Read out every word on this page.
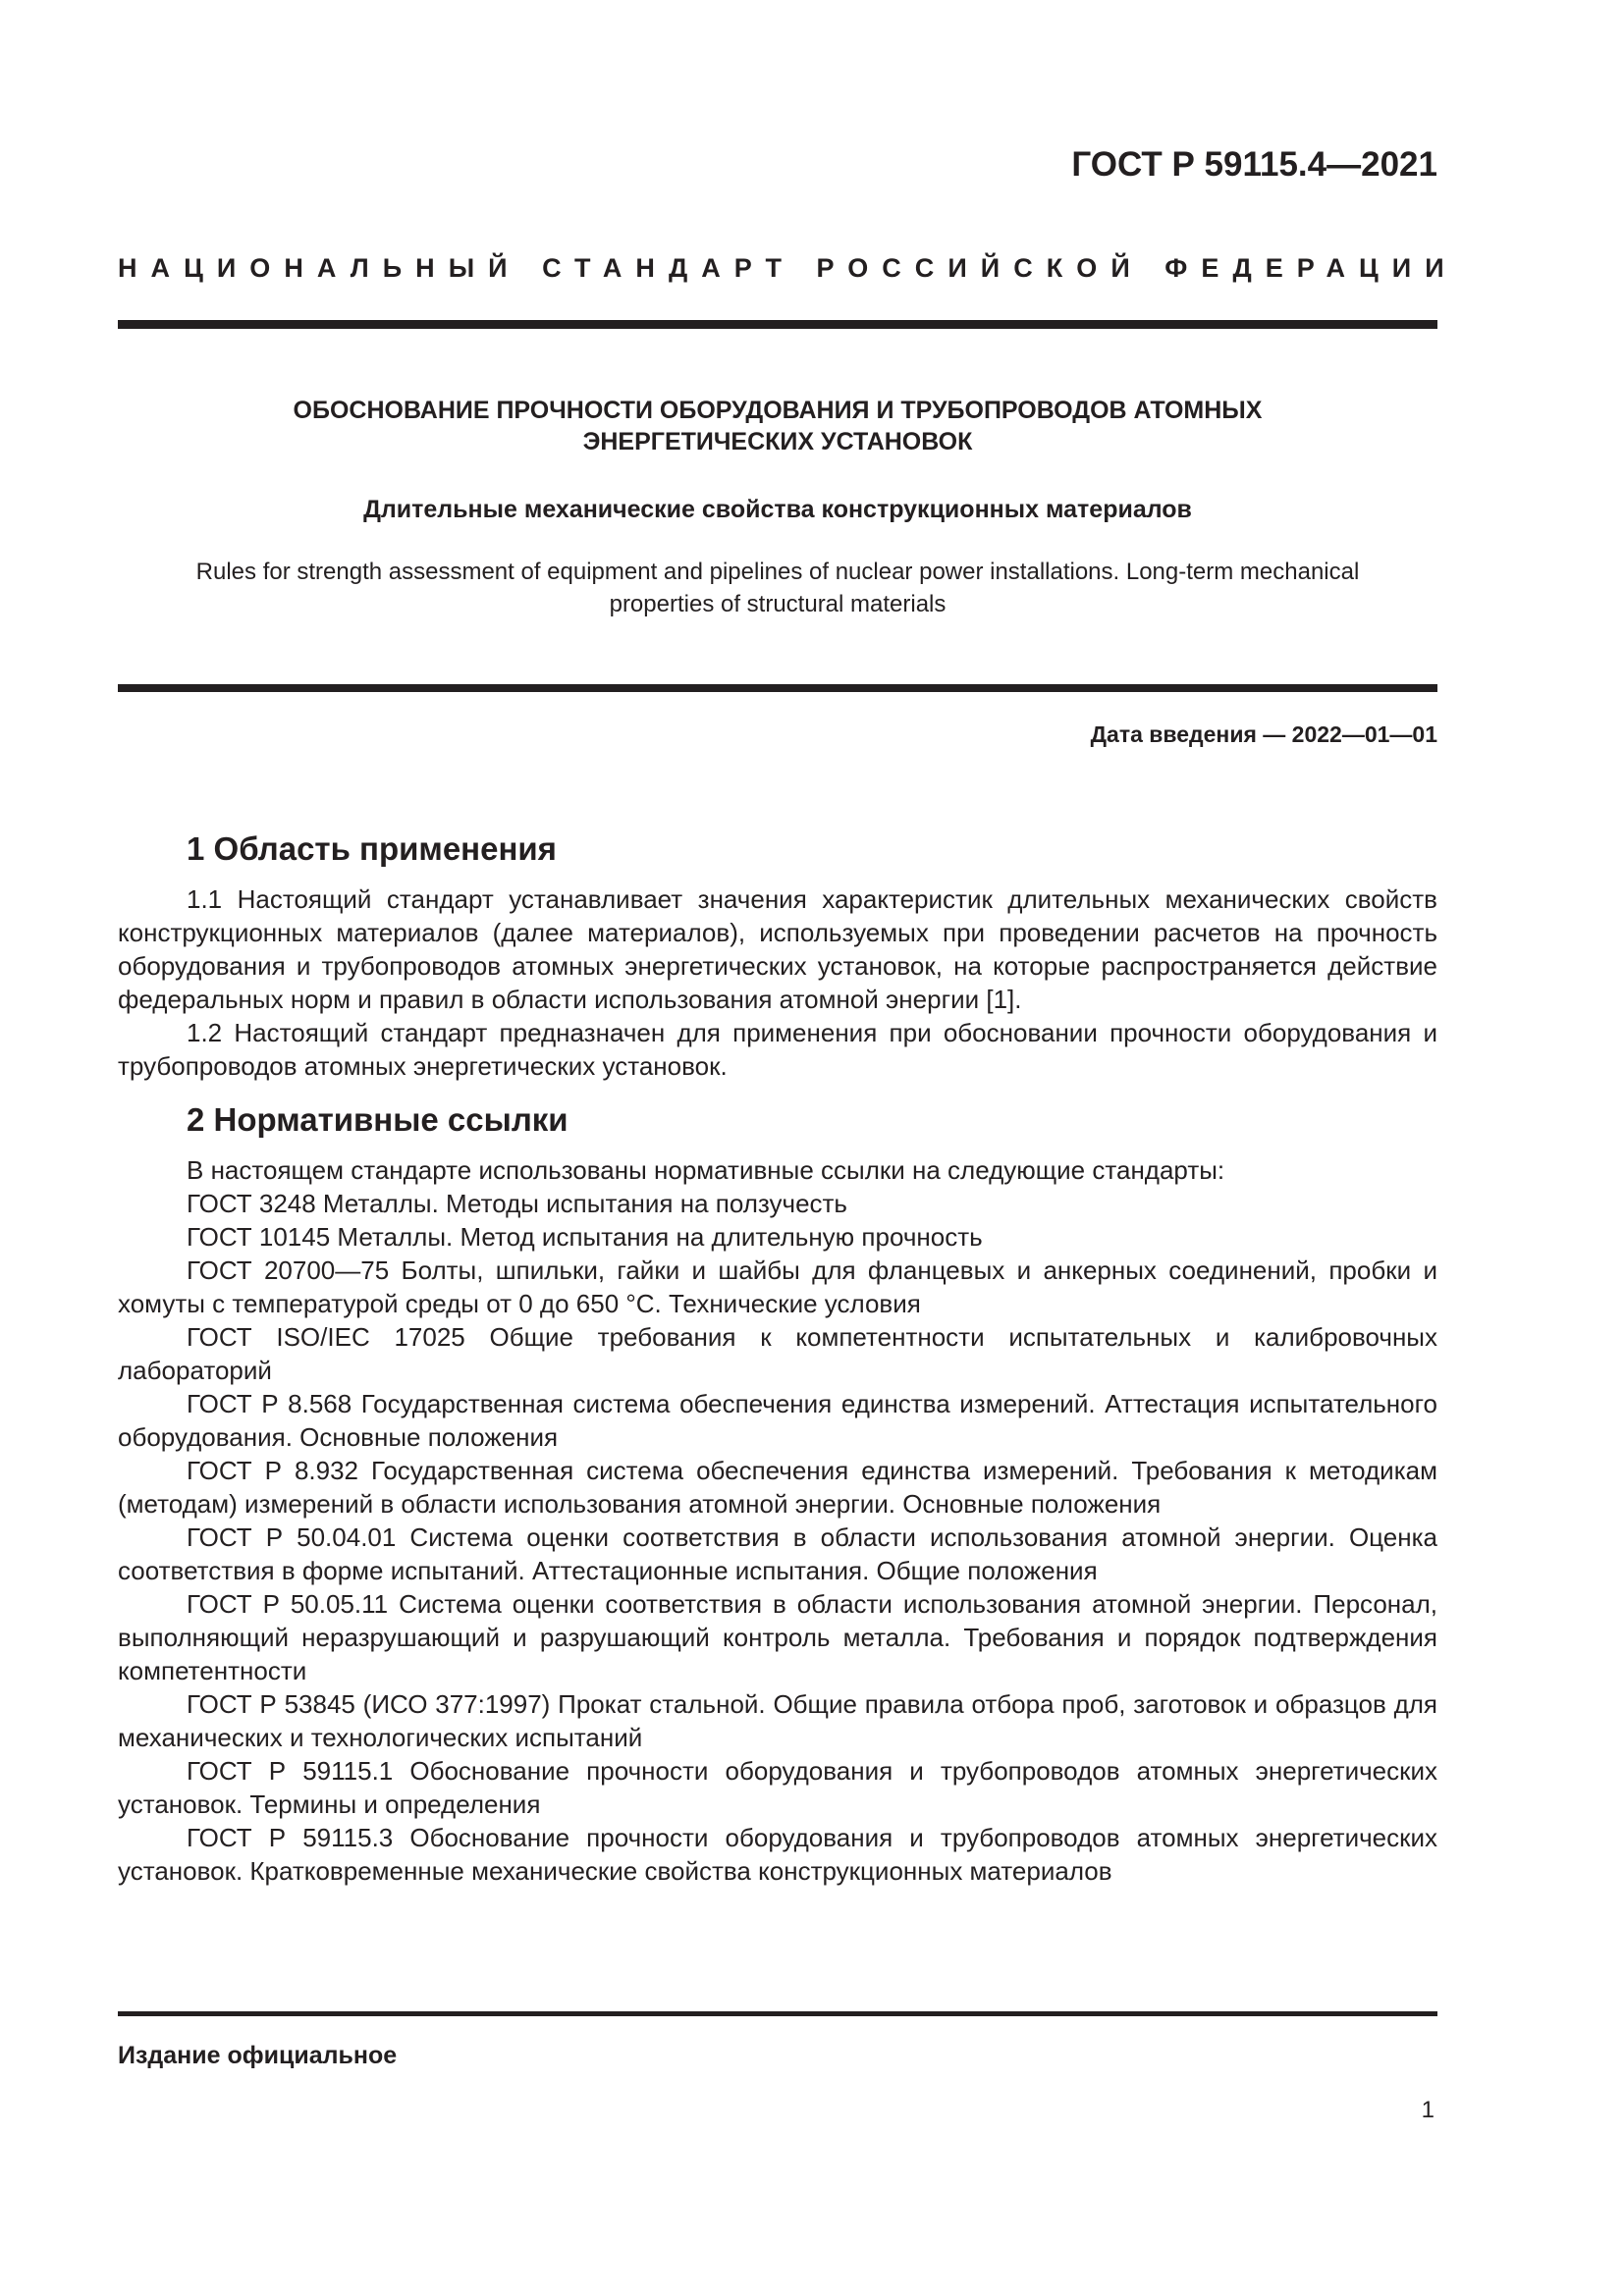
ГОСТ Р 59115.4—2021
НАЦИОНАЛЬНЫЙ СТАНДАРТ РОССИЙСКОЙ ФЕДЕРАЦИИ
ОБОСНОВАНИЕ ПРОЧНОСТИ ОБОРУДОВАНИЯ И ТРУБОПРОВОДОВ АТОМНЫХ
ЭНЕРГЕТИЧЕСКИХ УСТАНОВОК
Длительные механические свойства конструкционных материалов
Rules for strength assessment of equipment and pipelines of nuclear power installations. Long-term mechanical
properties of structural materials
Дата введения — 2022—01—01
1 Область применения

1.1 Настоящий стандарт устанавливает значения характеристик длительных механических свойств конструкционных материалов (далее материалов), используемых при проведении расчетов на прочность оборудования и трубопроводов атомных энергетических установок, на которые распространяется действие федеральных норм и правил в области использования атомной энергии [1].

1.2 Настоящий стандарт предназначен для применения при обосновании прочности оборудования и трубопроводов атомных энергетических установок.

2 Нормативные ссылки

В настоящем стандарте использованы нормативные ссылки на следующие стандарты:

ГОСТ 3248 Металлы. Методы испытания на ползучесть

ГОСТ 10145 Металлы. Метод испытания на длительную прочность

ГОСТ 20700—75 Болты, шпильки, гайки и шайбы для фланцевых и анкерных соединений, пробки и хомуты с температурой среды от 0 до 650 °С. Технические условия

ГОСТ ISO/IEC 17025 Общие требования к компетентности испытательных и калибровочных лабораторий

ГОСТ Р 8.568 Государственная система обеспечения единства измерений. Аттестация испытательного оборудования. Основные положения

ГОСТ Р 8.932 Государственная система обеспечения единства измерений. Требования к методикам (методам) измерений в области использования атомной энергии. Основные положения

ГОСТ Р 50.04.01 Система оценки соответствия в области использования атомной энергии. Оценка соответствия в форме испытаний. Аттестационные испытания. Общие положения

ГОСТ Р 50.05.11 Система оценки соответствия в области использования атомной энергии. Персонал, выполняющий неразрушающий и разрушающий контроль металла. Требования и порядок подтверждения компетентности

ГОСТ Р 53845 (ИСО 377:1997) Прокат стальной. Общие правила отбора проб, заготовок и образцов для механических и технологических испытаний

ГОСТ Р 59115.1 Обоснование прочности оборудования и трубопроводов атомных энергетических установок. Термины и определения

ГОСТ Р 59115.3 Обоснование прочности оборудования и трубопроводов атомных энергетических установок. Кратковременные механические свойства конструкционных материалов

Издание официальное
1
